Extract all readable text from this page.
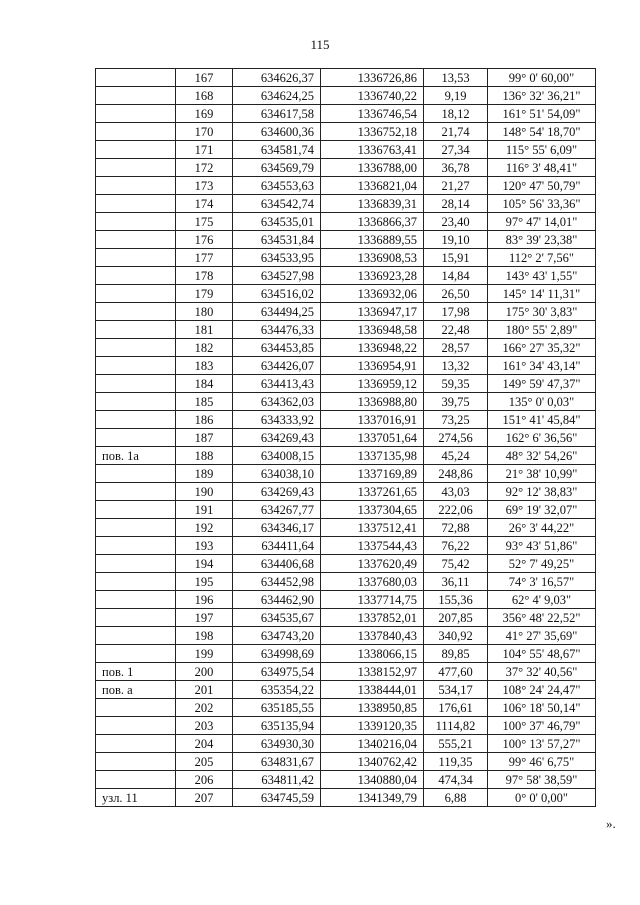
115
	167	634626,37	1336726,86	13,53	99° 0' 60,00"
	168	634624,25	1336740,22	9,19	136° 32' 36,21"
	169	634617,58	1336746,54	18,12	161° 51' 54,09"
	170	634600,36	1336752,18	21,74	148° 54' 18,70"
	171	634581,74	1336763,41	27,34	115° 55' 6,09"
	172	634569,79	1336788,00	36,78	116° 3' 48,41"
	173	634553,63	1336821,04	21,27	120° 47' 50,79"
	174	634542,74	1336839,31	28,14	105° 56' 33,36"
	175	634535,01	1336866,37	23,40	97° 47' 14,01"
	176	634531,84	1336889,55	19,10	83° 39' 23,38"
	177	634533,95	1336908,53	15,91	112° 2' 7,56"
	178	634527,98	1336923,28	14,84	143° 43' 1,55"
	179	634516,02	1336932,06	26,50	145° 14' 11,31"
	180	634494,25	1336947,17	17,98	175° 30' 3,83"
	181	634476,33	1336948,58	22,48	180° 55' 2,89"
	182	634453,85	1336948,22	28,57	166° 27' 35,32"
	183	634426,07	1336954,91	13,32	161° 34' 43,14"
	184	634413,43	1336959,12	59,35	149° 59' 47,37"
	185	634362,03	1336988,80	39,75	135° 0' 0,03"
	186	634333,92	1337016,91	73,25	151° 41' 45,84"
	187	634269,43	1337051,64	274,56	162° 6' 36,56"
пов. 1а	188	634008,15	1337135,98	45,24	48° 32' 54,26"
	189	634038,10	1337169,89	248,86	21° 38' 10,99"
	190	634269,43	1337261,65	43,03	92° 12' 38,83"
	191	634267,77	1337304,65	222,06	69° 19' 32,07"
	192	634346,17	1337512,41	72,88	26° 3' 44,22"
	193	634411,64	1337544,43	76,22	93° 43' 51,86"
	194	634406,68	1337620,49	75,42	52° 7' 49,25"
	195	634452,98	1337680,03	36,11	74° 3' 16,57"
	196	634462,90	1337714,75	155,36	62° 4' 9,03"
	197	634535,67	1337852,01	207,85	356° 48' 22,52"
	198	634743,20	1337840,43	340,92	41° 27' 35,69"
	199	634998,69	1338066,15	89,85	104° 55' 48,67"
пов. 1	200	634975,54	1338152,97	477,60	37° 32' 40,56"
пов. а	201	635354,22	1338444,01	534,17	108° 24' 24,47"
	202	635185,55	1338950,85	176,61	106° 18' 50,14"
	203	635135,94	1339120,35	1114,82	100° 37' 46,79"
	204	634930,30	1340216,04	555,21	100° 13' 57,27"
	205	634831,67	1340762,42	119,35	99° 46' 6,75"
	206	634811,42	1340880,04	474,34	97° 58' 38,59"
узл. 11	207	634745,59	1341349,79	6,88	0° 0' 0,00"
».
